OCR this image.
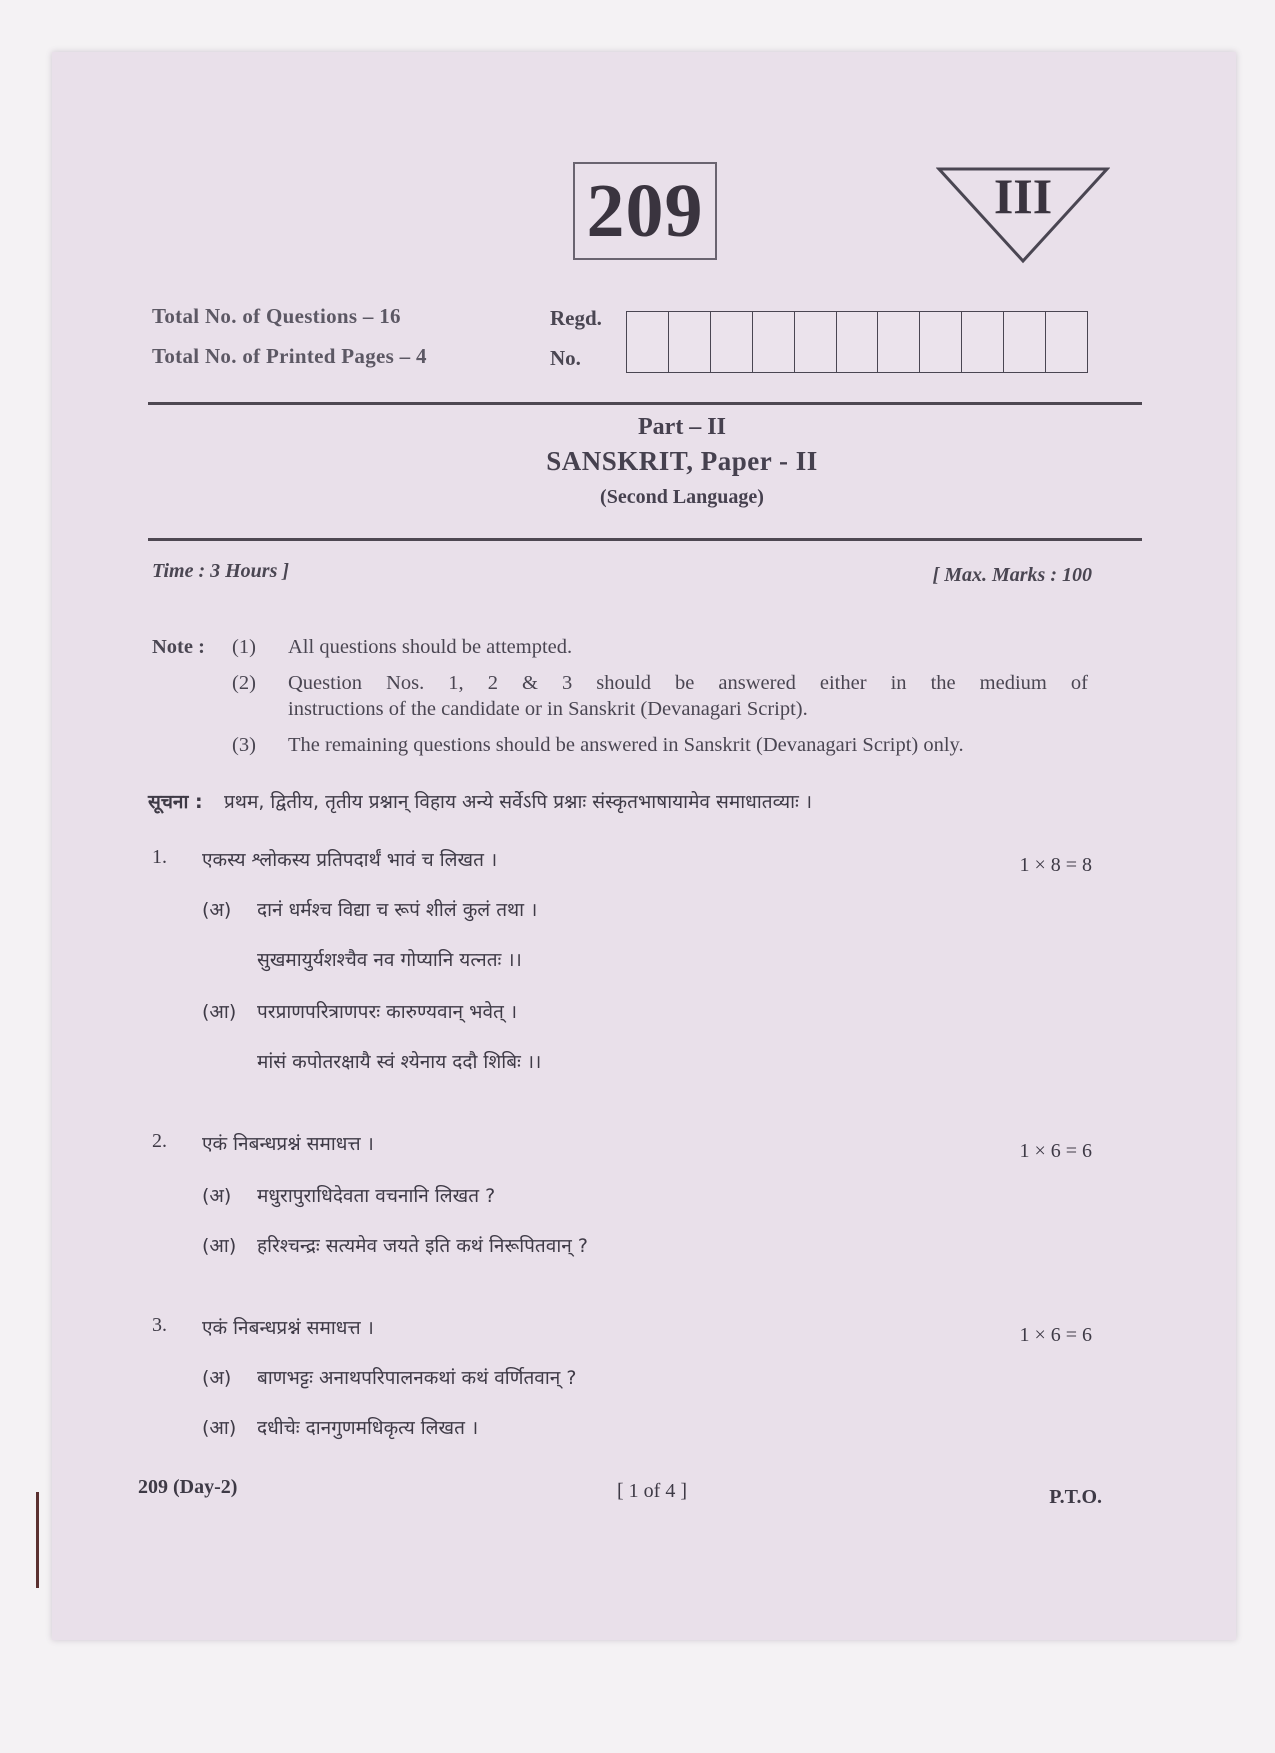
209	III
Total No. of Questions – 16
Total No. of Printed Pages – 4
Regd.
No.
Part – II
SANSKRIT, Paper - II
(Second Language)
Time : 3 Hours ]	[ Max. Marks : 100
Note : (1) All questions should be attempted.
(2) Question Nos. 1, 2 & 3 should be answered either in the medium of
instructions of the candidate or in Sanskrit (Devanagari Script).
(3) The remaining questions should be answered in Sanskrit (Devanagari Script) only.
सूचना : प्रथम, द्वितीय, तृतीय प्रश्नान् विहाय अन्ये सर्वेऽपि प्रश्नाः संस्कृतभाषायामेव समाधातव्याः ।
1. एकस्य श्लोकस्य प्रतिपदार्थं भावं च लिखत ।	1 × 8 = 8
(अ) दानं धर्मश्च विद्या च रूपं शीलं कुलं तथा ।
सुखमायुर्यशश्चैव नव गोप्यानि यत्नतः ।।
(आ) परप्राणपरित्राणपरः कारुण्यवान् भवेत् ।
मांसं कपोतरक्षायै स्वं श्येनाय ददौ शिबिः ।।
2. एकं निबन्धप्रश्नं समाधत्त ।	1 × 6 = 6
(अ) मधुरापुराधिदेवता वचनानि लिखत ?
(आ) हरिश्चन्द्रः सत्यमेव जयते इति कथं निरूपितवान् ?
3. एकं निबन्धप्रश्नं समाधत्त ।	1 × 6 = 6
(अ) बाणभट्टः अनाथपरिपालनकथां कथं वर्णितवान् ?
(आ) दधीचेः दानगुणमधिकृत्य लिखत ।
209 (Day-2)	[ 1 of 4 ]	P.T.O.
